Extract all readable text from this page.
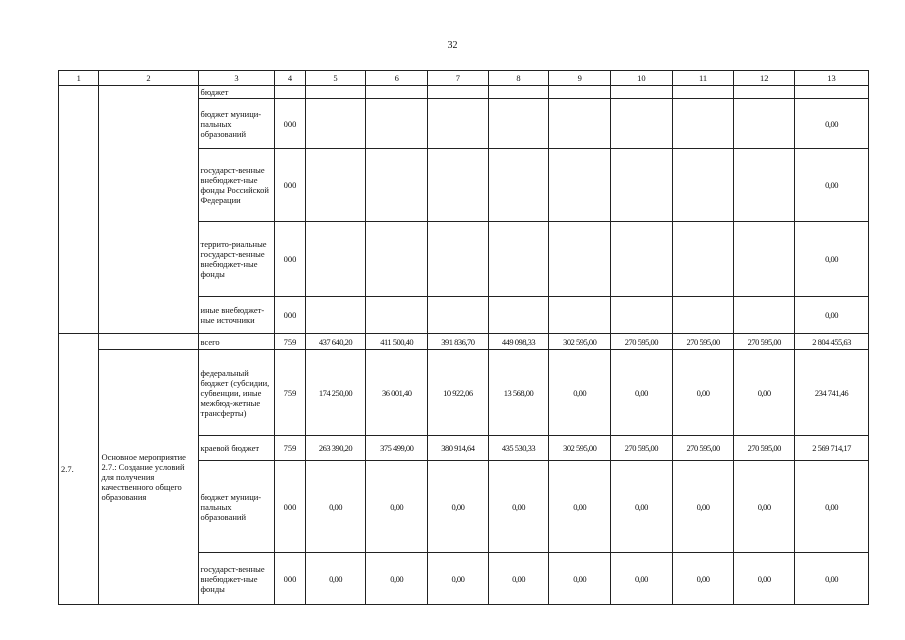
32
1	2	3	4	5	6	7	8	9	10	11	12	13
		бюджет										
		бюджет муници-пальных образований	000									0,00
		государст-венные внебюджет-ные фонды Российской Федерации	000									0,00
		террито-риальные государст-венные внебюджет-ные фонды	000									0,00
		иные внебюджет-ные источники	000									0,00
2.7.		всего	759	437 640,20	411 500,40	391 836,70	449 098,33	302 595,00	270 595,00	270 595,00	270 595,00	2 804 455,63
	Основное мероприятие 2.7.: Создание условий для получения качественного общего образования	федеральный бюджет (субсидии, субвенции, иные межбюд-жетные трансферты)	759	174 250,00	36 001,40	10 922,06	13 568,00	0,00	0,00	0,00	0,00	234 741,46
		краевой бюджет	759	263 390,20	375 499,00	380 914,64	435 530,33	302 595,00	270 595,00	270 595,00	270 595,00	2 569 714,17
		бюджет муници-пальных образований	000	0,00	0,00	0,00	0,00	0,00	0,00	0,00	0,00	0,00
		государст-венные внебюджет-ные фонды	000	0,00	0,00	0,00	0,00	0,00	0,00	0,00	0,00	0,00
